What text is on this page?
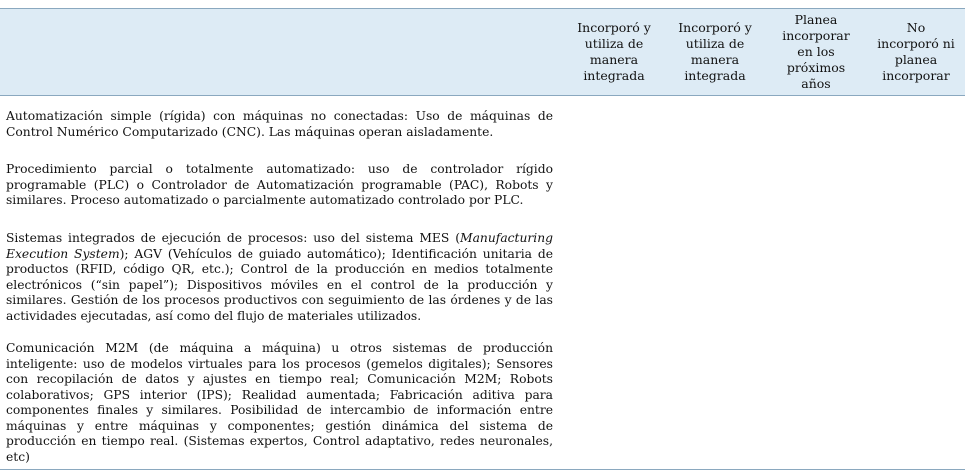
Incorporó y
utiliza de
manera
integrada
Incorporó y
utiliza de
manera
integrada
Planea
incorporar
en los
próximos
años
No
incorporó ni
planea
incorporar
Automatización simple (rígida) con máquinas no conectadas: Uso de máquinas de Control Numérico Computarizado (CNC). Las máquinas operan aisladamente.
Procedimiento parcial o totalmente automatizado: uso de controlador rígido programable (PLC) o Controlador de Automatización programable (PAC), Robots y similares. Proceso automatizado o parcialmente automatizado controlado por PLC.
Sistemas integrados de ejecución de procesos: uso del sistema MES (Manufacturing Execution System); AGV (Vehículos de guiado automático); Identificación unitaria de productos (RFID, código QR, etc.); Control de la producción en medios totalmente electrónicos (“sin papel”); Dispositivos móviles en el control de la producción y similares. Gestión de los procesos productivos con seguimiento de las órdenes y de las actividades ejecutadas, así como del flujo de materiales utilizados.
Comunicación M2M (de máquina a máquina) u otros sistemas de producción inteligente: uso de modelos virtuales para los procesos (gemelos digitales); Sensores con recopilación de datos y ajustes en tiempo real; Comunicación M2M; Robots colaborativos; GPS interior (IPS); Realidad aumentada; Fabricación aditiva para componentes finales y similares. Posibilidad de intercambio de información entre máquinas y entre máquinas y componentes; gestión dinámica del sistema de producción en tiempo real. (Sistemas expertos, Control adaptativo, redes neuronales, etc)
